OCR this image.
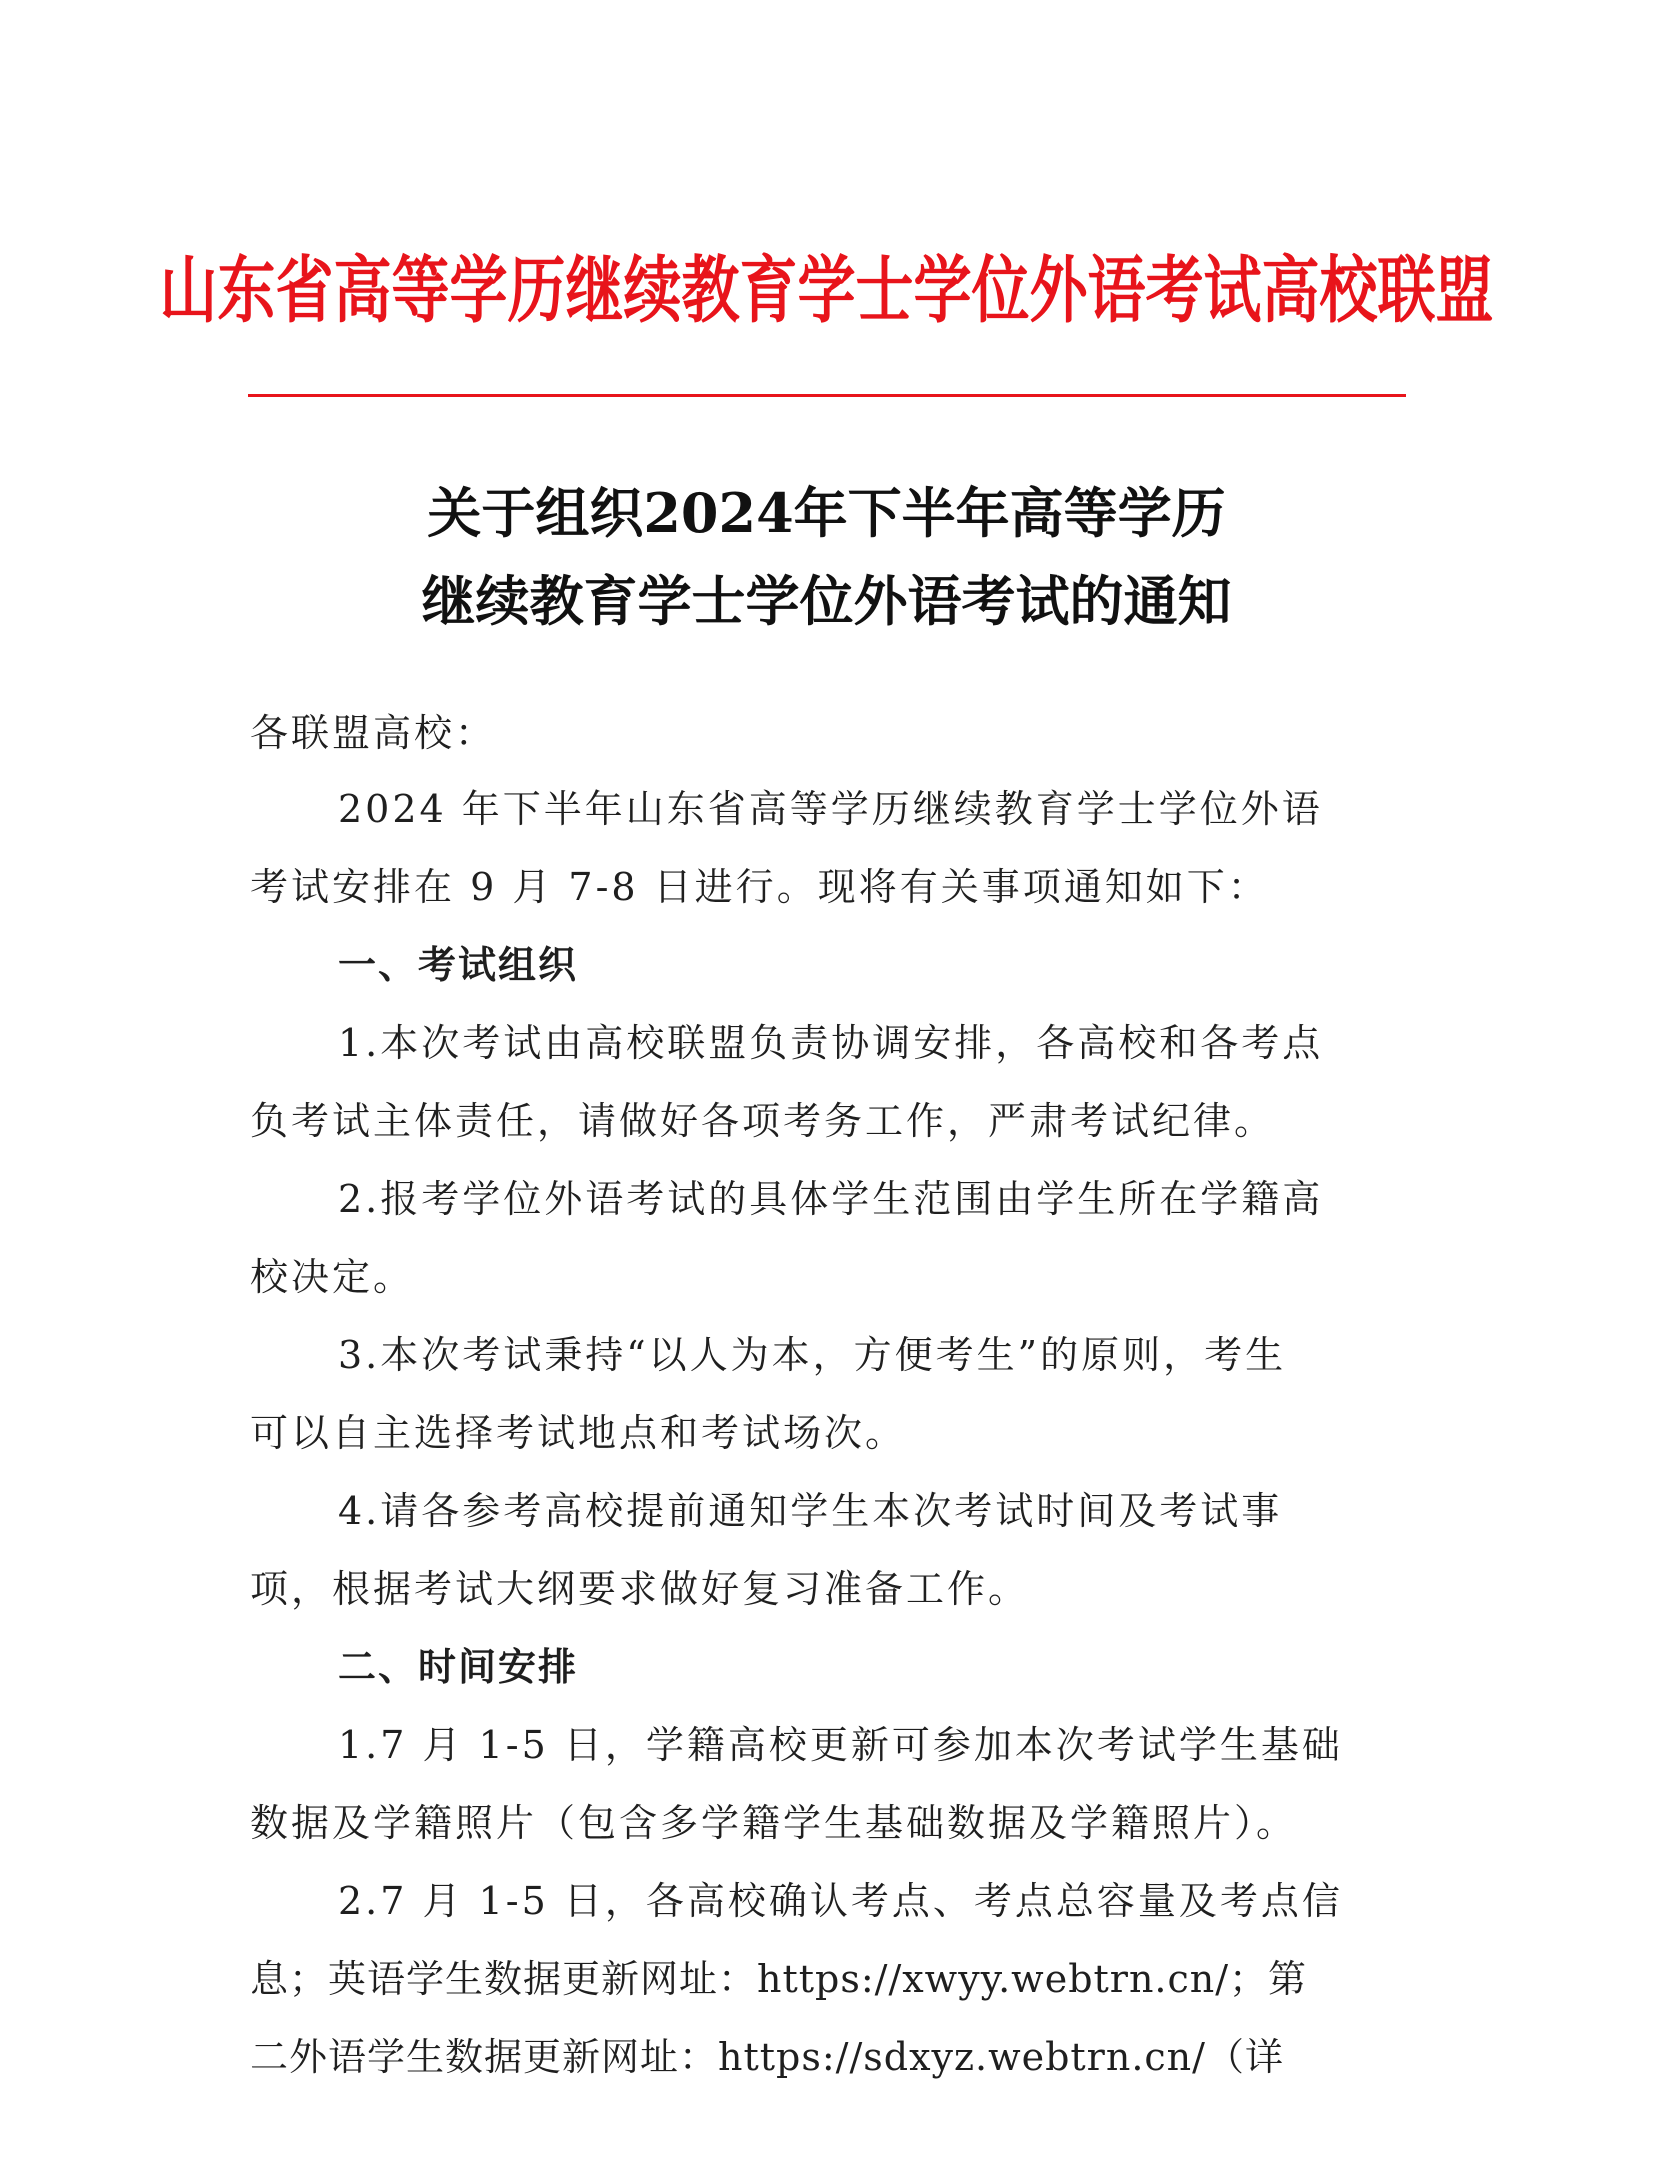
山东省高等学历继续教育学士学位外语考试高校联盟
关于组织2024年下半年高等学历
继续教育学士学位外语考试的通知
各联盟高校：
2024 年下半年山东省高等学历继续教育学士学位外语
考试安排在 9 月 7-8 日进行。现将有关事项通知如下：
一、考试组织
1.本次考试由高校联盟负责协调安排，各高校和各考点
负考试主体责任，请做好各项考务工作，严肃考试纪律。
2.报考学位外语考试的具体学生范围由学生所在学籍高
校决定。
3.本次考试秉持“以人为本，方便考生”的原则，考生
可以自主选择考试地点和考试场次。
4.请各参考高校提前通知学生本次考试时间及考试事
项，根据考试大纲要求做好复习准备工作。
二、时间安排
1.7 月 1-5 日，学籍高校更新可参加本次考试学生基础
数据及学籍照片（包含多学籍学生基础数据及学籍照片）。
2.7 月 1-5 日，各高校确认考点、考点总容量及考点信
息；英语学生数据更新网址：https://xwyy.webtrn.cn/；第
二外语学生数据更新网址：https://sdxyz.webtrn.cn/（详
